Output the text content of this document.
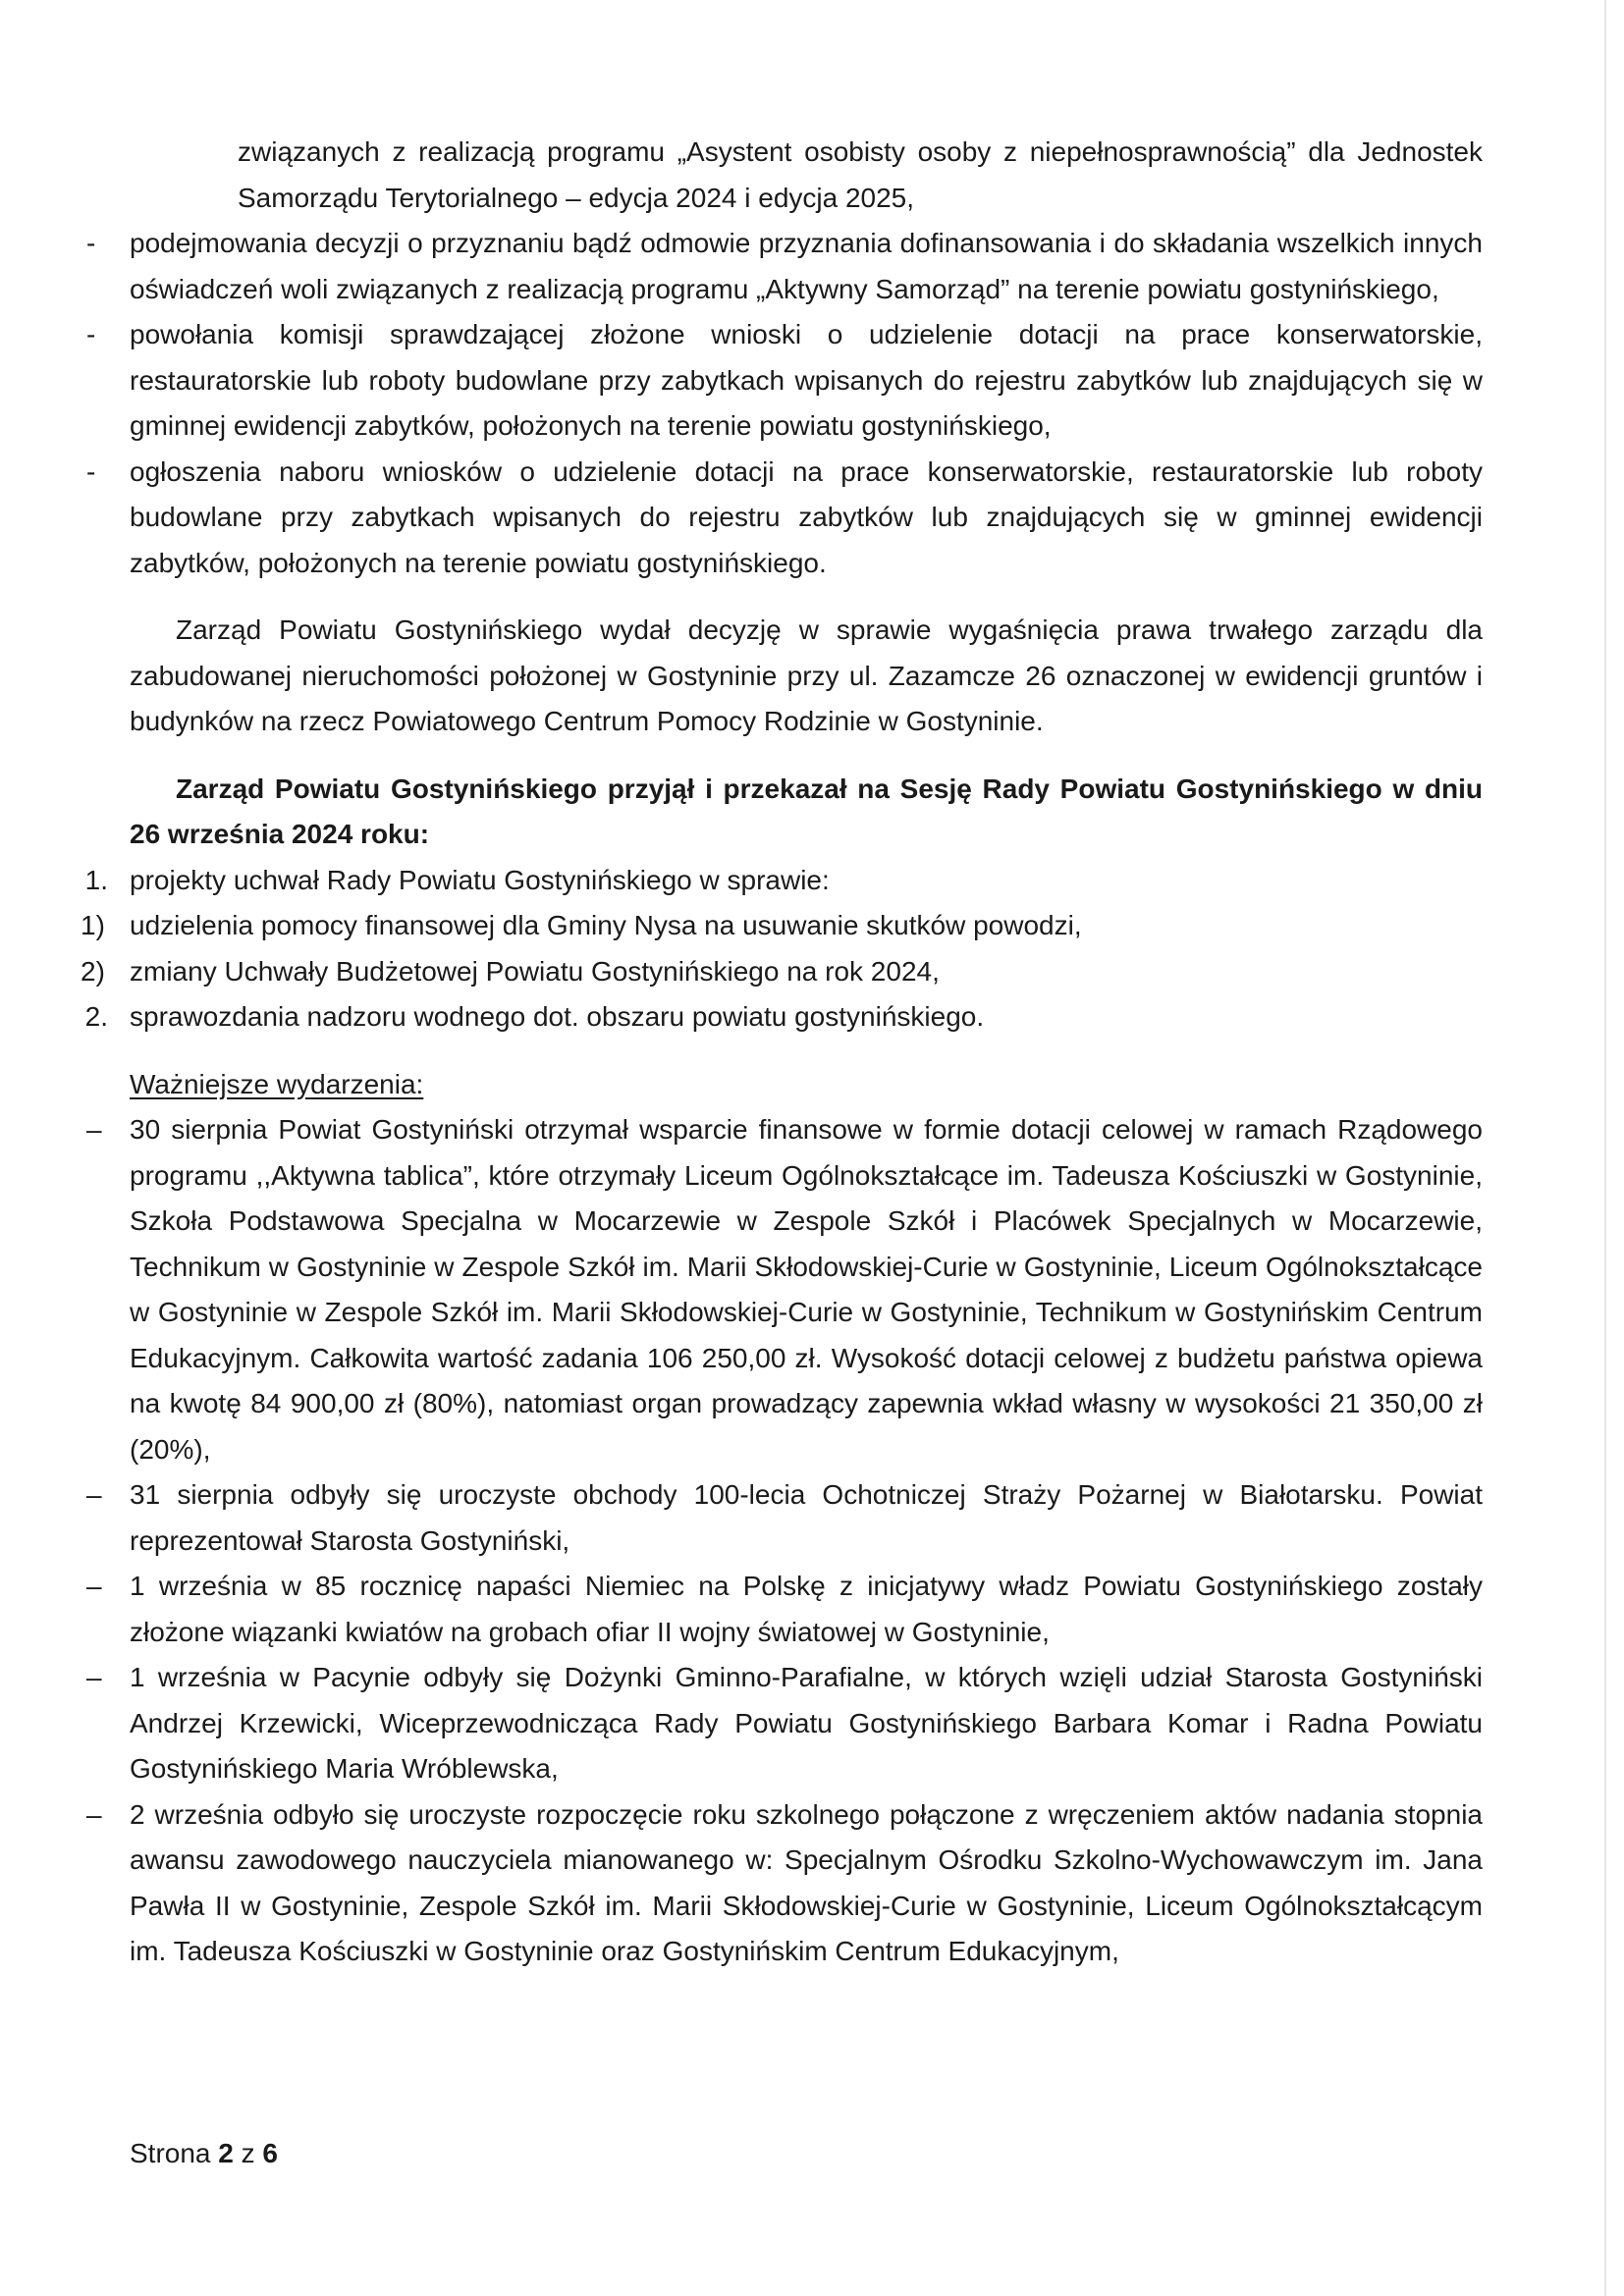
związanych z realizacją programu „Asystent osobisty osoby z niepełnosprawnością” dla Jednostek Samorządu Terytorialnego – edycja 2024 i edycja 2025,

-	podejmowania decyzji o przyznaniu bądź odmowie przyznania dofinansowania i do składania wszelkich innych oświadczeń woli związanych z realizacją programu „Aktywny Samorząd” na terenie powiatu gostynińskiego,
-	powołania komisji sprawdzającej złożone wnioski o udzielenie dotacji na prace konserwatorskie, restauratorskie lub roboty budowlane przy zabytkach wpisanych do rejestru zabytków lub znajdujących się w gminnej ewidencji zabytków, położonych na terenie powiatu gostynińskiego,
-	ogłoszenia naboru wniosków o udzielenie dotacji na prace konserwatorskie, restauratorskie lub roboty budowlane przy zabytkach wpisanych do rejestru zabytków lub znajdujących się w gminnej ewidencji zabytków, położonych na terenie powiatu gostynińskiego.

Zarząd Powiatu Gostynińskiego wydał decyzję w sprawie wygaśnięcia prawa trwałego zarządu dla zabudowanej nieruchomości położonej w Gostyninie przy ul. Zazamcze 26 oznaczonej w ewidencji gruntów i budynków na rzecz Powiatowego Centrum Pomocy Rodzinie w Gostyninie.

Zarząd Powiatu Gostynińskiego przyjął i przekazał na Sesję Rady Powiatu Gostynińskiego w dniu 26 września 2024 roku:

1. projekty uchwał Rady Powiatu Gostynińskiego w sprawie:
1) udzielenia pomocy finansowej dla Gminy Nysa na usuwanie skutków powodzi,
2) zmiany Uchwały Budżetowej Powiatu Gostynińskiego na rok 2024,
2. sprawozdania nadzoru wodnego dot. obszaru powiatu gostynińskiego.

Ważniejsze wydarzenia:

–	30 sierpnia Powiat Gostyniński otrzymał wsparcie finansowe w formie dotacji celowej w ramach Rządowego programu ,,Aktywna tablica”, które otrzymały Liceum Ogólnokształcące im. Tadeusza Kościuszki w Gostyninie, Szkoła Podstawowa Specjalna w Mocarzewie w Zespole Szkół i Placówek Specjalnych w Mocarzewie, Technikum w Gostyninie w Zespole Szkół im. Marii Skłodowskiej-Curie w Gostyninie, Liceum Ogólnokształcące w Gostyninie w Zespole Szkół im. Marii Skłodowskiej-Curie w Gostyninie, Technikum w Gostynińskim Centrum Edukacyjnym. Całkowita wartość zadania 106 250,00 zł. Wysokość dotacji celowej z budżetu państwa opiewa na kwotę 84 900,00 zł (80%), natomiast organ prowadzący zapewnia wkład własny w wysokości 21 350,00 zł (20%),
–	31 sierpnia odbyły się uroczyste obchody 100-lecia Ochotniczej Straży Pożarnej w Białotarsku. Powiat reprezentował Starosta Gostyniński,
–	1 września w 85 rocznicę napaści Niemiec na Polskę z inicjatywy władz Powiatu Gostynińskiego zostały złożone wiązanki kwiatów na grobach ofiar II wojny światowej w Gostyninie,
–	1 września w Pacynie odbyły się Dożynki Gminno-Parafialne, w których wzięli udział Starosta Gostyniński Andrzej Krzewicki, Wiceprzewodnicząca Rady Powiatu Gostynińskiego Barbara Komar i Radna Powiatu Gostynińskiego Maria Wróblewska,
–	2 września odbyło się uroczyste rozpoczęcie roku szkolnego połączone z wręczeniem aktów nadania stopnia awansu zawodowego nauczyciela mianowanego w: Specjalnym Ośrodku Szkolno-Wychowawczym im. Jana Pawła II w Gostyninie, Zespole Szkół im. Marii Skłodowskiej-Curie w Gostyninie, Liceum Ogólnokształcącym im. Tadeusza Kościuszki w Gostyninie oraz Gostynińskim Centrum Edukacyjnym,
Strona 2 z 6
